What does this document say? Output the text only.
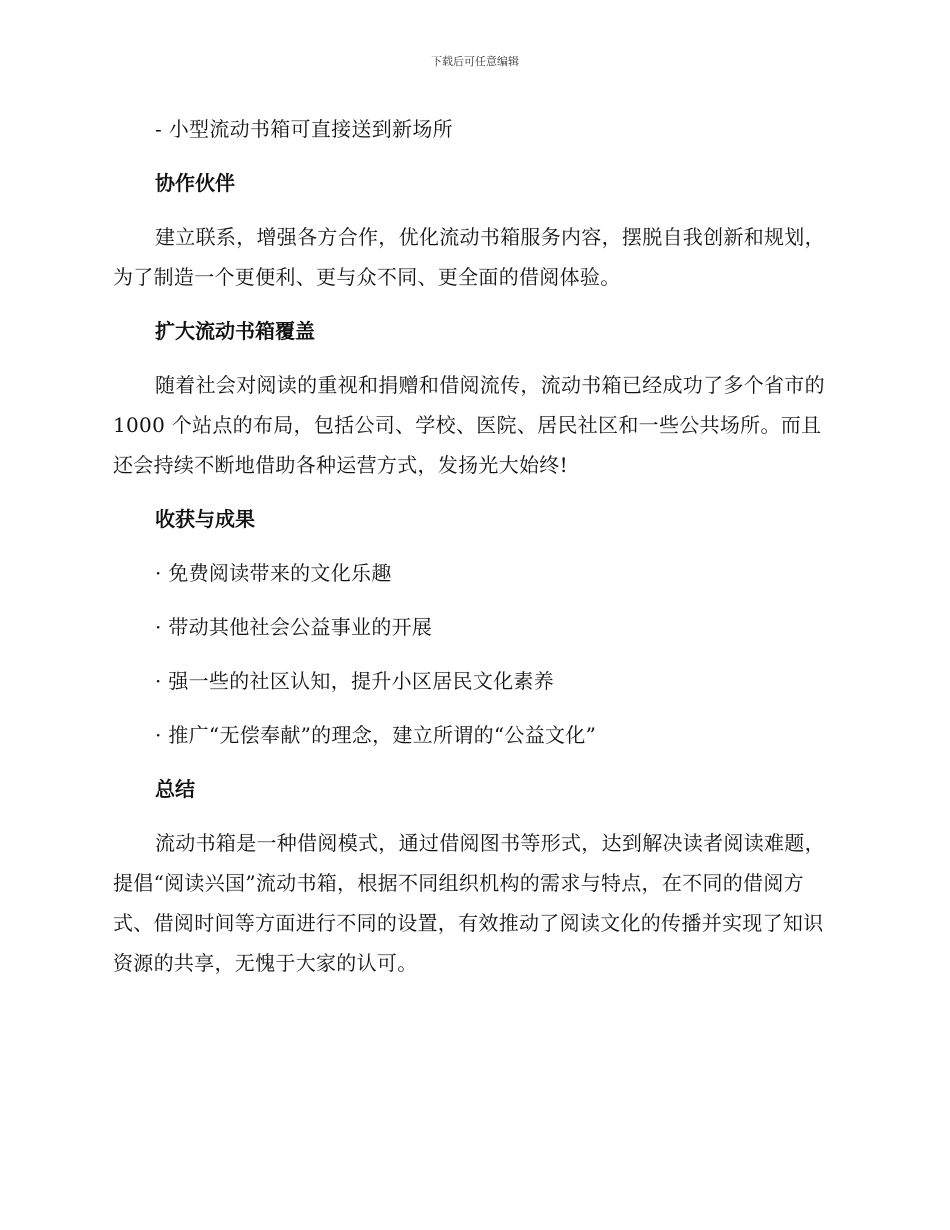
下载后可任意编辑
- 小型流动书箱可直接送到新场所
协作伙伴

建立联系，增强各方合作，优化流动书箱服务内容，摆脱自我创新和规划，为了制造一个更便利、更与众不同、更全面的借阅体验。

扩大流动书箱覆盖

随着社会对阅读的重视和捐赠和借阅流传，流动书箱已经成功了多个省市的 1000 个站点的布局，包括公司、学校、医院、居民社区和一些公共场所。而且还会持续不断地借助各种运营方式，发扬光大始终!

收获与成果
· 免费阅读带来的文化乐趣
· 带动其他社会公益事业的开展
· 强一些的社区认知，提升小区居民文化素养
· 推广“无偿奉献”的理念，建立所谓的“公益文化”
总结

流动书箱是一种借阅模式，通过借阅图书等形式，达到解决读者阅读难题，提倡“阅读兴国”流动书箱，根据不同组织机构的需求与特点，在不同的借阅方式、借阅时间等方面进行不同的设置，有效推动了阅读文化的传播并实现了知识资源的共享，无愧于大家的认可。
